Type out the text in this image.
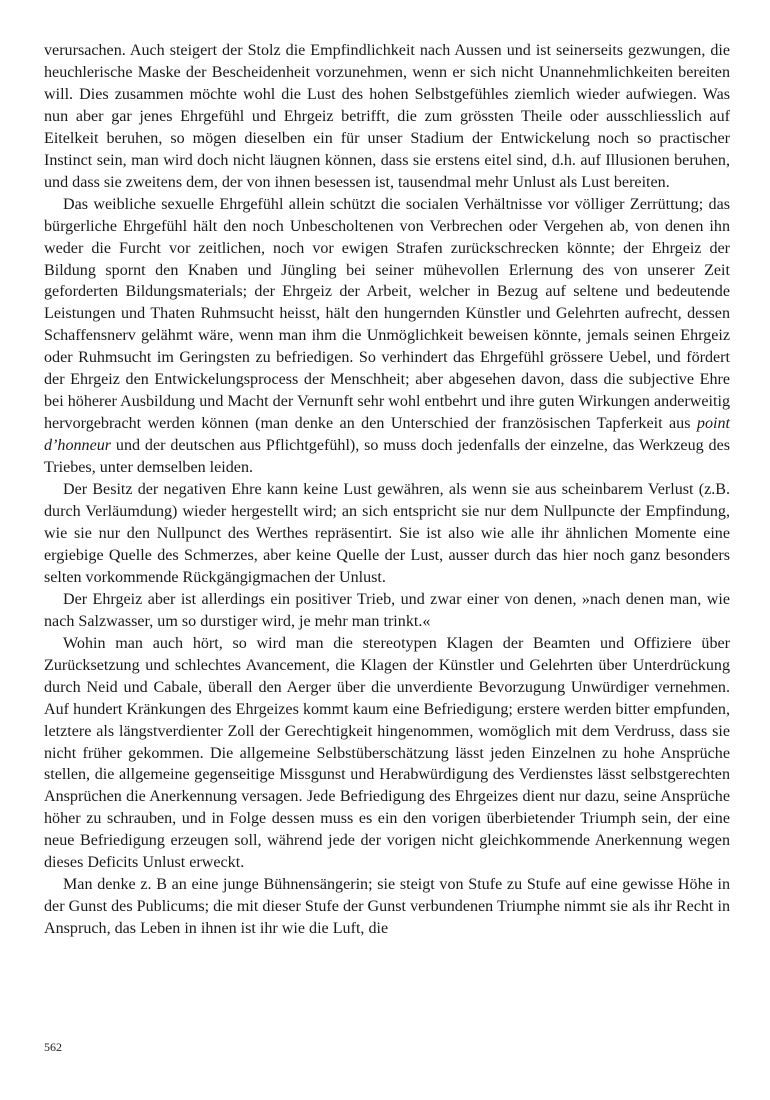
verursachen. Auch steigert der Stolz die Empfindlichkeit nach Aussen und ist seinerseits gezwungen, die heuchlerische Maske der Bescheidenheit vorzunehmen, wenn er sich nicht Unannehmlichkeiten bereiten will. Dies zusammen möchte wohl die Lust des hohen Selbstgefühles ziemlich wieder aufwiegen. Was nun aber gar jenes Ehrgefühl und Ehrgeiz betrifft, die zum grössten Theile oder ausschliesslich auf Eitelkeit beruhen, so mögen dieselben ein für unser Stadium der Entwickelung noch so practischer Instinct sein, man wird doch nicht läugnen können, dass sie erstens eitel sind, d.h. auf Illusionen beruhen, und dass sie zweitens dem, der von ihnen besessen ist, tausendmal mehr Unlust als Lust bereiten.

Das weibliche sexuelle Ehrgefühl allein schützt die socialen Verhältnisse vor völliger Zerrüttung; das bürgerliche Ehrgefühl hält den noch Unbescholtenen von Verbrechen oder Vergehen ab, von denen ihn weder die Furcht vor zeitlichen, noch vor ewigen Strafen zurückschrecken könnte; der Ehrgeiz der Bildung spornt den Knaben und Jüngling bei seiner mühevollen Erlernung des von unserer Zeit geforderten Bildungsmaterials; der Ehrgeiz der Arbeit, welcher in Bezug auf seltene und bedeutende Leistungen und Thaten Ruhmsucht heisst, hält den hungernden Künstler und Gelehrten aufrecht, dessen Schaffensnerv gelähmt wäre, wenn man ihm die Unmöglichkeit beweisen könnte, jemals seinen Ehrgeiz oder Ruhmsucht im Geringsten zu befriedigen. So verhindert das Ehrgefühl grössere Uebel, und fördert der Ehrgeiz den Entwickelungsprocess der Menschheit; aber abgesehen davon, dass die subjective Ehre bei höherer Ausbildung und Macht der Vernunft sehr wohl entbehrt und ihre guten Wirkungen anderweitig hervorgebracht werden können (man denke an den Unterschied der französischen Tapferkeit aus point d’honneur und der deutschen aus Pflichtgefühl), so muss doch jedenfalls der einzelne, das Werkzeug des Triebes, unter demselben leiden.

Der Besitz der negativen Ehre kann keine Lust gewähren, als wenn sie aus scheinbarem Verlust (z.B. durch Verläumdung) wieder hergestellt wird; an sich entspricht sie nur dem Nullpuncte der Empfindung, wie sie nur den Nullpunct des Werthes repräsentirt. Sie ist also wie alle ihr ähnlichen Momente eine ergiebige Quelle des Schmerzes, aber keine Quelle der Lust, ausser durch das hier noch ganz besonders selten vorkommende Rückgängigmachen der Unlust.

Der Ehrgeiz aber ist allerdings ein positiver Trieb, und zwar einer von denen, »nach denen man, wie nach Salzwasser, um so durstiger wird, je mehr man trinkt.«

Wohin man auch hört, so wird man die stereotypen Klagen der Beamten und Offiziere über Zurücksetzung und schlechtes Avancement, die Klagen der Künstler und Gelehrten über Unterdrückung durch Neid und Cabale, überall den Aerger über die unverdiente Bevorzugung Unwürdiger vernehmen. Auf hundert Kränkungen des Ehrgeizes kommt kaum eine Befriedigung; erstere werden bitter empfunden, letztere als längstverdienter Zoll der Gerechtigkeit hingenommen, womöglich mit dem Verdruss, dass sie nicht früher gekommen. Die allgemeine Selbstüberschätzung lässt jeden Einzelnen zu hohe Ansprüche stellen, die allgemeine gegenseitige Missgunst und Herabwürdigung des Verdienstes lässt selbstgerechten Ansprüchen die Anerkennung versagen. Jede Befriedigung des Ehrgeizes dient nur dazu, seine Ansprüche höher zu schrauben, und in Folge dessen muss es ein den vorigen überbietender Triumph sein, der eine neue Befriedigung erzeugen soll, während jede der vorigen nicht gleichkommende Anerkennung wegen dieses Deficits Unlust erweckt.

Man denke z. B an eine junge Bühnensängerin; sie steigt von Stufe zu Stufe auf eine gewisse Höhe in der Gunst des Publicums; die mit dieser Stufe der Gunst verbundenen Triumphe nimmt sie als ihr Recht in Anspruch, das Leben in ihnen ist ihr wie die Luft, die

562
